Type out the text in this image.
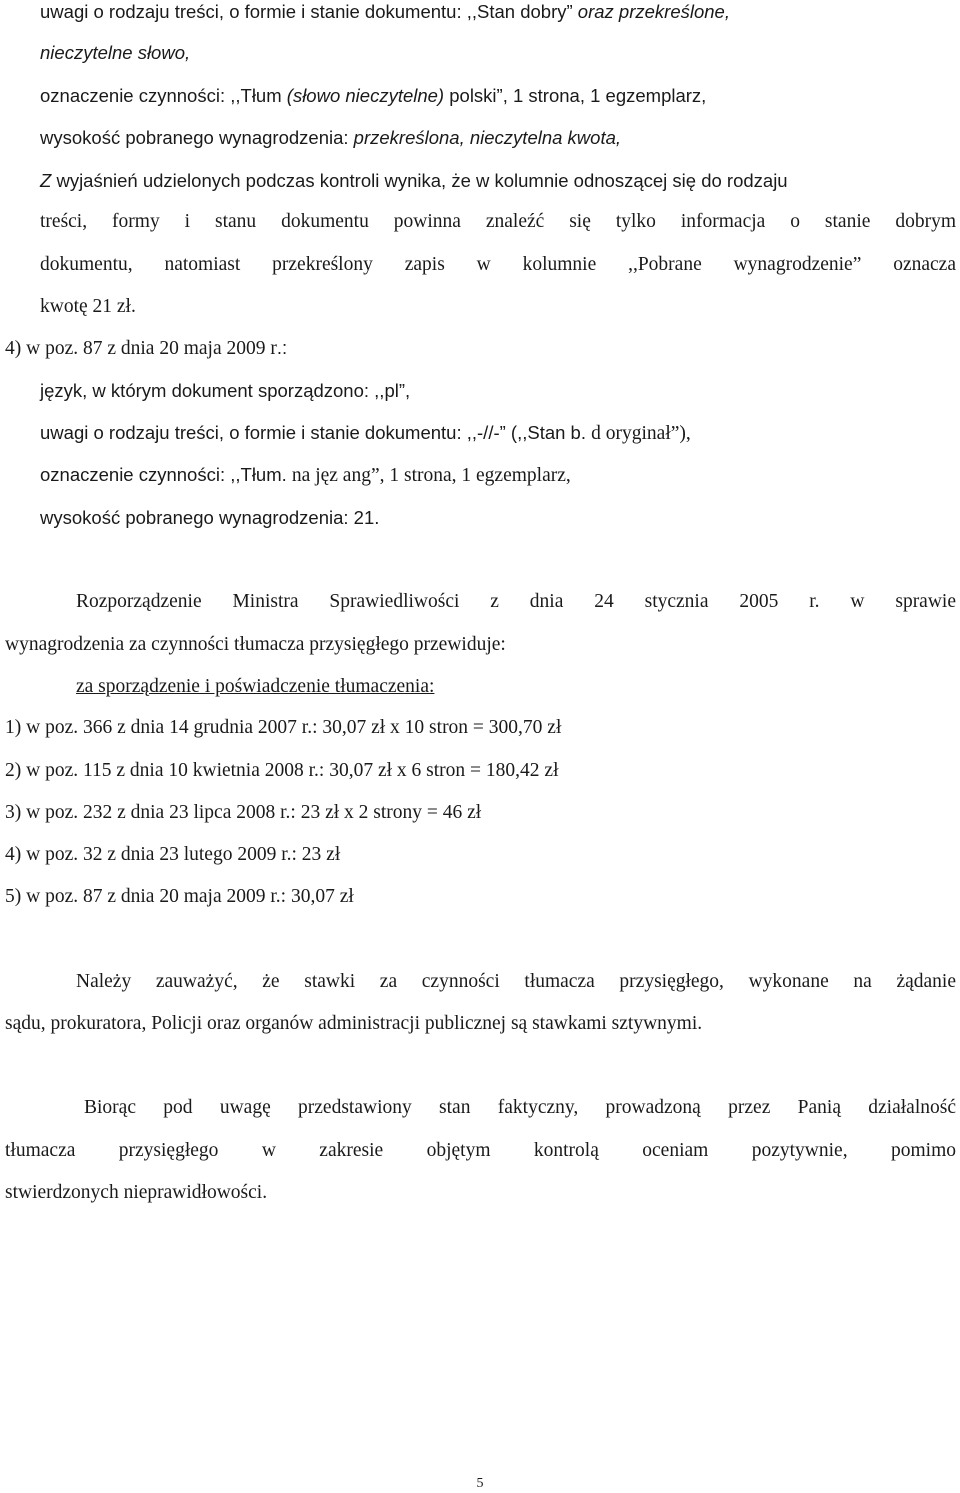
uwagi o rodzaju treści, o formie i stanie dokumentu: ,,Stan dobry” oraz przekreślone,
nieczytelne słowo,
oznaczenie czynności: ,,Tłum (słowo nieczytelne) polski”, 1 strona, 1 egzemplarz,
wysokość pobranego wynagrodzenia: przekreślona, nieczytelna kwota,
Z wyjaśnień udzielonych podczas kontroli wynika, że w kolumnie odnoszącej się do rodzaju
treści, formy i stanu dokumentu powinna znaleźć się tylko informacja o stanie dobrym
dokumentu, natomiast przekreślony zapis w kolumnie ,,Pobrane wynagrodzenie” oznacza
kwotę 21 zł.
4) w poz. 87 z dnia 20 maja 2009 r.:
język, w którym dokument sporządzono: ,,pl”,
uwagi o rodzaju treści, o formie i stanie dokumentu: ,,-//-” (,,Stan b. d oryginał”),
oznaczenie czynności: ,,Tłum. na jęz ang”, 1 strona, 1 egzemplarz,
wysokość pobranego wynagrodzenia: 21.
Rozporządzenie Ministra Sprawiedliwości z dnia 24 stycznia 2005 r. w sprawie
wynagrodzenia za czynności tłumacza przysięgłego przewiduje:
za sporządzenie i poświadczenie tłumaczenia:
1) w poz. 366 z dnia 14 grudnia 2007 r.: 30,07 zł x 10 stron = 300,70 zł
2) w poz. 115 z dnia 10 kwietnia 2008 r.: 30,07 zł x 6 stron = 180,42 zł
3) w poz. 232 z dnia 23 lipca 2008 r.: 23 zł x 2 strony = 46 zł
4) w poz. 32 z dnia 23 lutego 2009 r.: 23 zł
5) w poz. 87 z dnia 20 maja 2009 r.: 30,07 zł
Należy zauważyć, że stawki za czynności tłumacza przysięgłego, wykonane na żądanie
sądu, prokuratora, Policji oraz organów administracji publicznej są stawkami sztywnymi.
Biorąc pod uwagę przedstawiony stan faktyczny, prowadzoną przez Panią działalność
tłumacza przysięgłego w zakresie objętym kontrolą oceniam pozytywnie, pomimo
stwierdzonych nieprawidłowości.
5
